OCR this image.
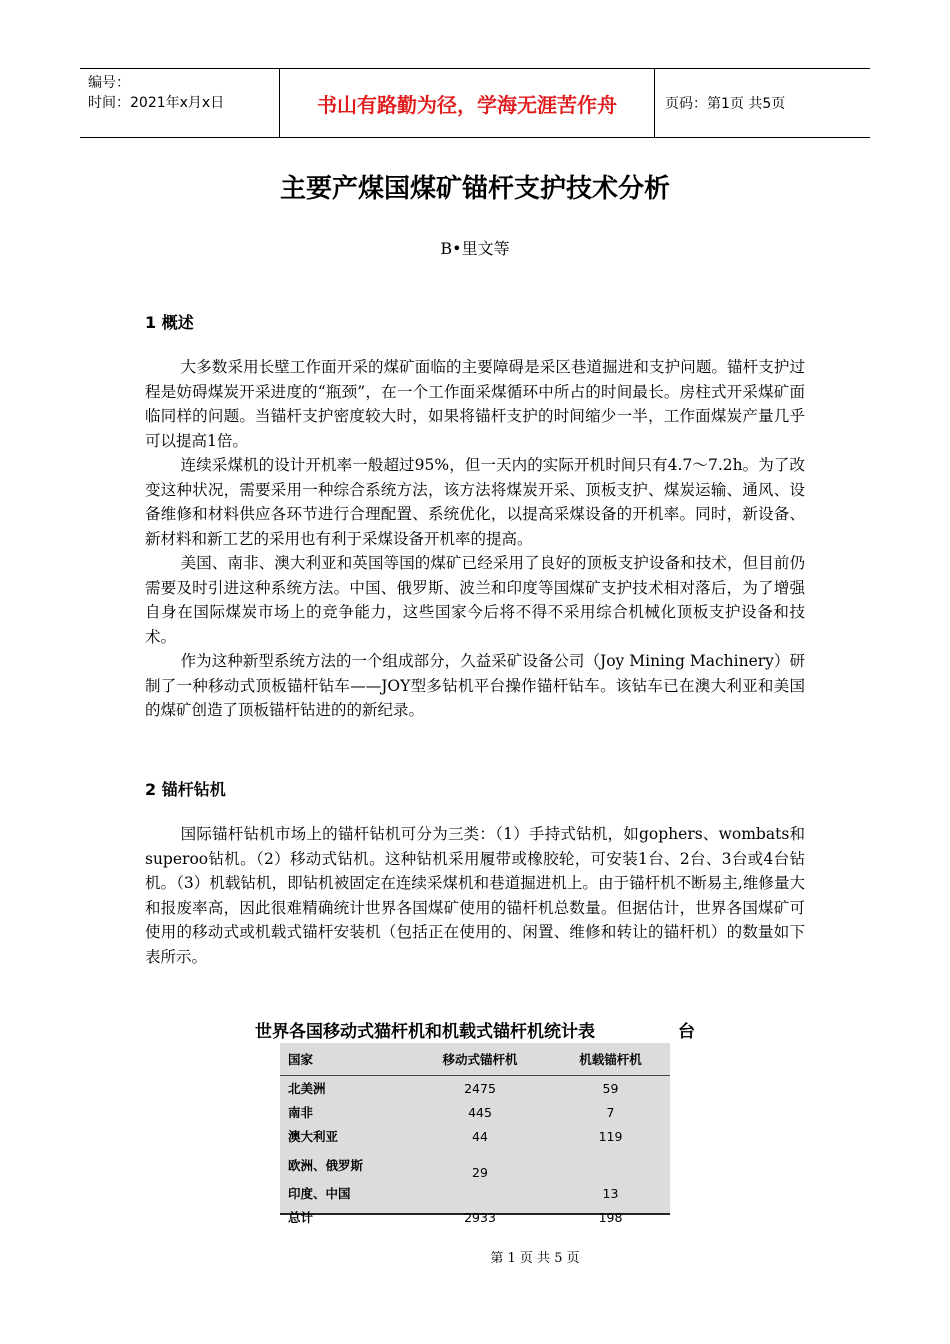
编号：
时间：2021年x月x日	书山有路勤为径，学海无涯苦作舟	页码：第1页 共5页
主要产煤国煤矿锚杆支护技术分析
B•里文等
1 概述

大多数采用长壁工作面开采的煤矿面临的主要障碍是采区巷道掘进和支护问题。锚杆支护过程是妨碍煤炭开采进度的“瓶颈”，在一个工作面采煤循环中所占的时间最长。房柱式开采煤矿面临同样的问题。当锚杆支护密度较大时，如果将锚杆支护的时间缩少一半，工作面煤炭产量几乎可以提高1倍。

连续采煤机的设计开机率一般超过95%，但一天内的实际开机时间只有4.7～7.2h。为了改变这种状况，需要采用一种综合系统方法，该方法将煤炭开采、顶板支护、煤炭运输、通风、设备维修和材料供应各环节进行合理配置、系统优化，以提高采煤设备的开机率。同时，新设备、新材料和新工艺的采用也有利于采煤设备开机率的提高。

美国、南非、澳大利亚和英国等国的煤矿已经采用了良好的顶板支护设备和技术，但目前仍需要及时引进这种系统方法。中国、俄罗斯、波兰和印度等国煤矿支护技术相对落后，为了增强自身在国际煤炭市场上的竞争能力，这些国家今后将不得不采用综合机械化顶板支护设备和技术。

作为这种新型系统方法的一个组成部分，久益采矿设备公司（Joy Mining Machinery）研制了一种移动式顶板锚杆钻车——JOY型多钻机平台操作锚杆钻车。该钻车已在澳大利亚和美国的煤矿创造了顶板锚杆钻进的的新纪录。

2 锚杆钻机

国际锚杆钻机市场上的锚杆钻机可分为三类：（1）手持式钻机，如gophers、wombats和superoo钻机。（2）移动式钻机。这种钻机采用履带或橡胶轮，可安装1台、2台、3台或4台钻机。（3）机载钻机，即钻机被固定在连续采煤机和巷道掘进机上。由于锚杆机不断易主,维修量大和报废率高，因此很难精确统计世界各国煤矿使用的锚杆机总数量。但据估计，世界各国煤矿可使用的移动式或机载式锚杆安装机（包括正在使用的、闲置、维修和转让的锚杆机）的数量如下表所示。

世界各国移动式猫杆机和机载式锚杆机统计表	台
国家	移动式锚杆机	机载锚杆机
北美洲	2475	59
南非	445	7
澳大利亚	44	119
欧洲、俄罗斯	29	
印度、中国		13
总计	2933	198
第 1 页 共 5 页
